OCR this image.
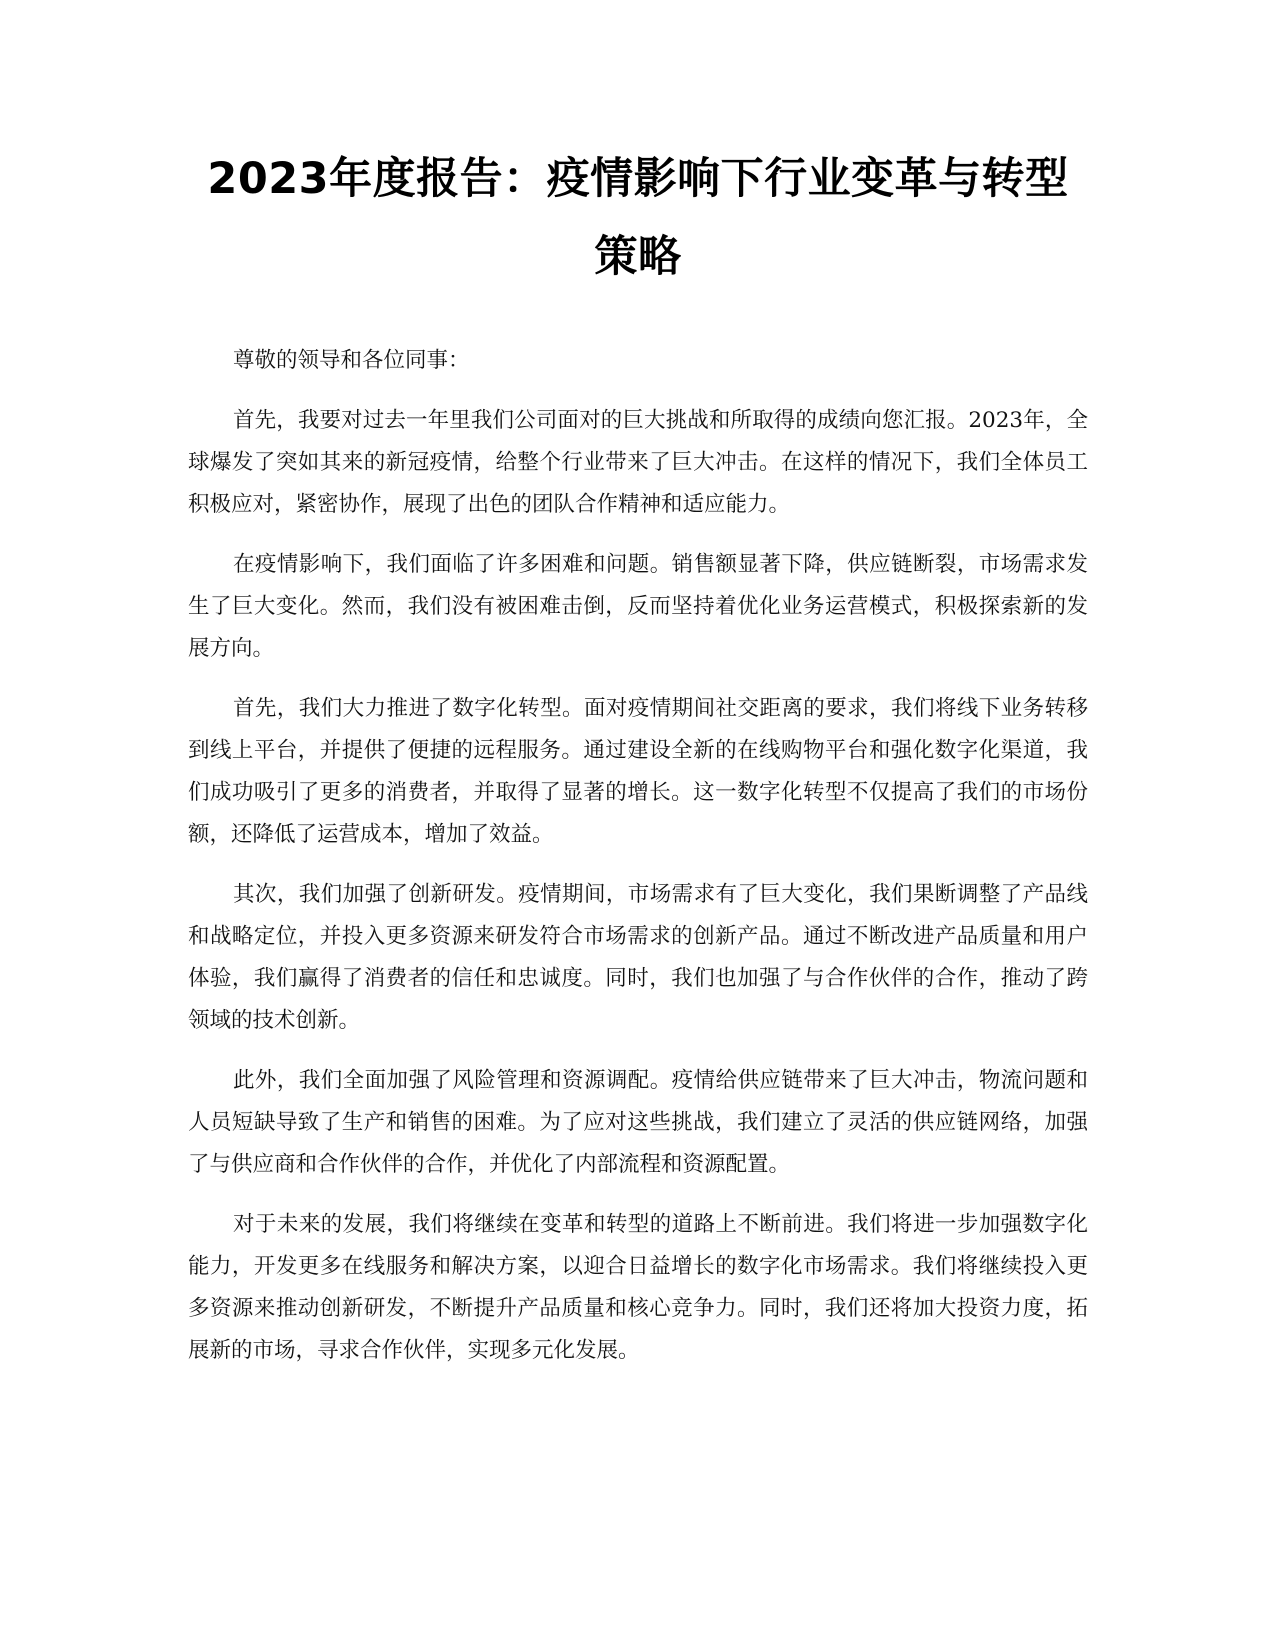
2023年度报告：疫情影响下行业变革与转型策略

尊敬的领导和各位同事：

首先，我要对过去一年里我们公司面对的巨大挑战和所取得的成绩向您汇报。2023年，全球爆发了突如其来的新冠疫情，给整个行业带来了巨大冲击。在这样的情况下，我们全体员工积极应对，紧密协作，展现了出色的团队合作精神和适应能力。

在疫情影响下，我们面临了许多困难和问题。销售额显著下降，供应链断裂，市场需求发生了巨大变化。然而，我们没有被困难击倒，反而坚持着优化业务运营模式，积极探索新的发展方向。

首先，我们大力推进了数字化转型。面对疫情期间社交距离的要求，我们将线下业务转移到线上平台，并提供了便捷的远程服务。通过建设全新的在线购物平台和强化数字化渠道，我们成功吸引了更多的消费者，并取得了显著的增长。这一数字化转型不仅提高了我们的市场份额，还降低了运营成本，增加了效益。

其次，我们加强了创新研发。疫情期间，市场需求有了巨大变化，我们果断调整了产品线和战略定位，并投入更多资源来研发符合市场需求的创新产品。通过不断改进产品质量和用户体验，我们赢得了消费者的信任和忠诚度。同时，我们也加强了与合作伙伴的合作，推动了跨领域的技术创新。

此外，我们全面加强了风险管理和资源调配。疫情给供应链带来了巨大冲击，物流问题和人员短缺导致了生产和销售的困难。为了应对这些挑战，我们建立了灵活的供应链网络，加强了与供应商和合作伙伴的合作，并优化了内部流程和资源配置。

对于未来的发展，我们将继续在变革和转型的道路上不断前进。我们将进一步加强数字化能力，开发更多在线服务和解决方案，以迎合日益增长的数字化市场需求。我们将继续投入更多资源来推动创新研发，不断提升产品质量和核心竞争力。同时，我们还将加大投资力度，拓展新的市场，寻求合作伙伴，实现多元化发展。
